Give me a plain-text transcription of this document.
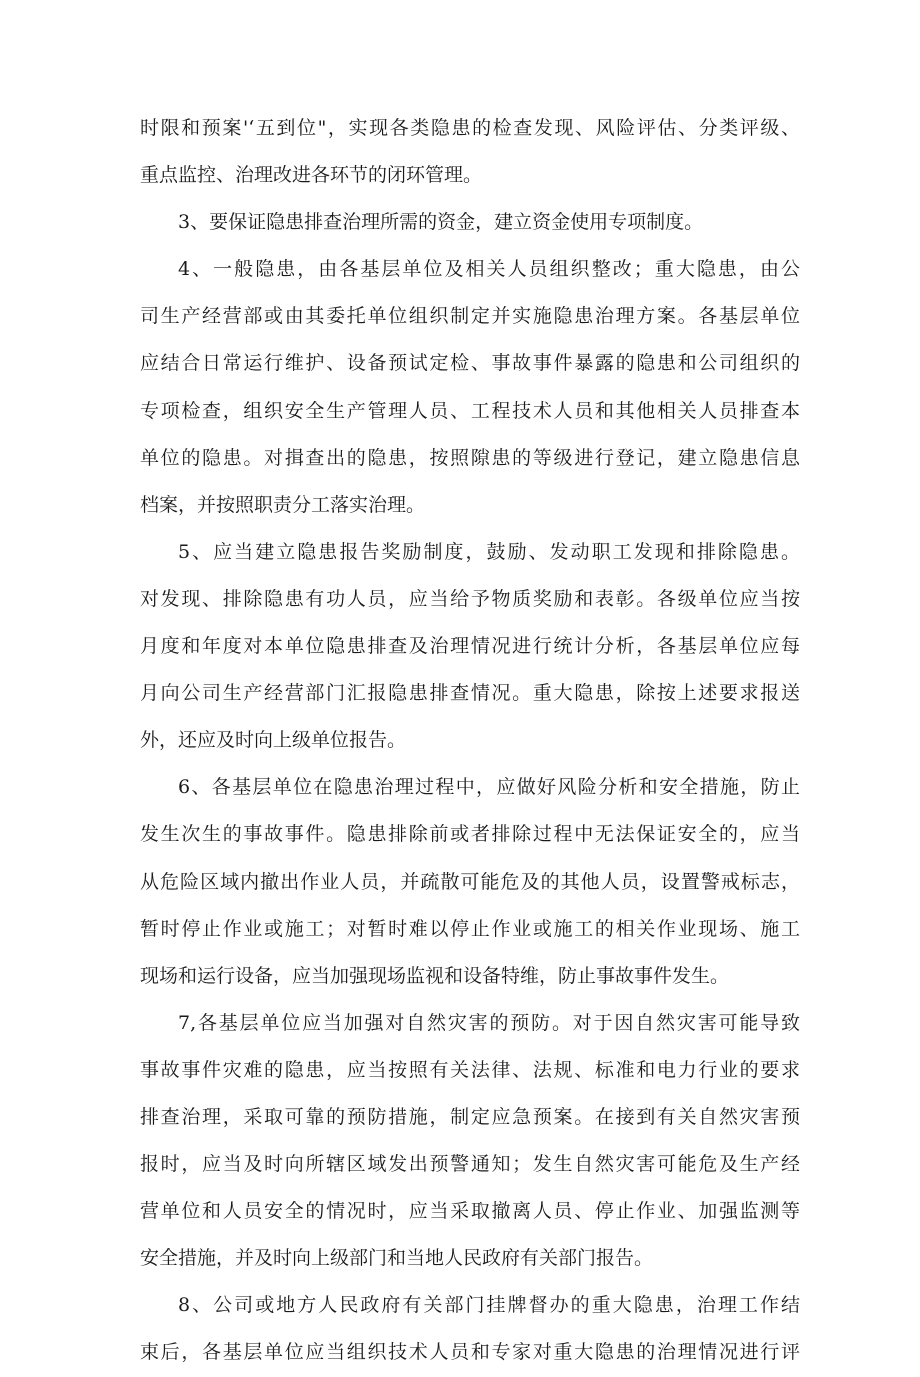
时限和预案'‘五到位"，实现各类隐患的检查发现、风险评估、分类评级、
重点监控、治理改进各环节的闭环管理。
3、要保证隐患排查治理所需的资金，建立资金使用专项制度。
4、一般隐患，由各基层单位及相关人员组织整改；重大隐患，由公
司生产经营部或由其委托单位组织制定并实施隐患治理方案。各基层单位
应结合日常运行维护、设备预试定检、事故事件暴露的隐患和公司组织的
专项检查，组织安全生产管理人员、工程技术人员和其他相关人员排查本
单位的隐患。对揖查出的隐患，按照隙患的等级进行登记，建立隐患信息
档案，并按照职责分工落实治理。
5、应当建立隐患报告奖励制度，鼓励、发动职工发现和排除隐患。
对发现、排除隐患有功人员，应当给予物质奖励和表彰。各级单位应当按
月度和年度对本单位隐患排查及治理情况进行统计分析，各基层单位应每
月向公司生产经营部门汇报隐患排查情况。重大隐患，除按上述要求报送
外，还应及时向上级单位报告。
6、各基层单位在隐患治理过程中，应做好风险分析和安全措施，防止
发生次生的事故事件。隐患排除前或者排除过程中无法保证安全的，应当
从危险区域内撤出作业人员，并疏散可能危及的其他人员，设置警戒标志，
暂时停止作业或施工；对暂时难以停止作业或施工的相关作业现场、施工
现场和运行设备，应当加强现场监视和设备特维，防止事故事件发生。
7,各基层单位应当加强对自然灾害的预防。对于因自然灾害可能导致
事故事件灾难的隐患，应当按照有关法律、法规、标准和电力行业的要求
排查治理，采取可靠的预防措施，制定应急预案。在接到有关自然灾害预
报时，应当及时向所辖区域发出预警通知；发生自然灾害可能危及生产经
营单位和人员安全的情况时，应当采取撤离人员、停止作业、加强监测等
安全措施，并及时向上级部门和当地人民政府有关部门报告。
8、公司或地方人民政府有关部门挂牌督办的重大隐患，治理工作结
束后，各基层单位应当组织技术人员和专家对重大隐患的治理情况进行评
